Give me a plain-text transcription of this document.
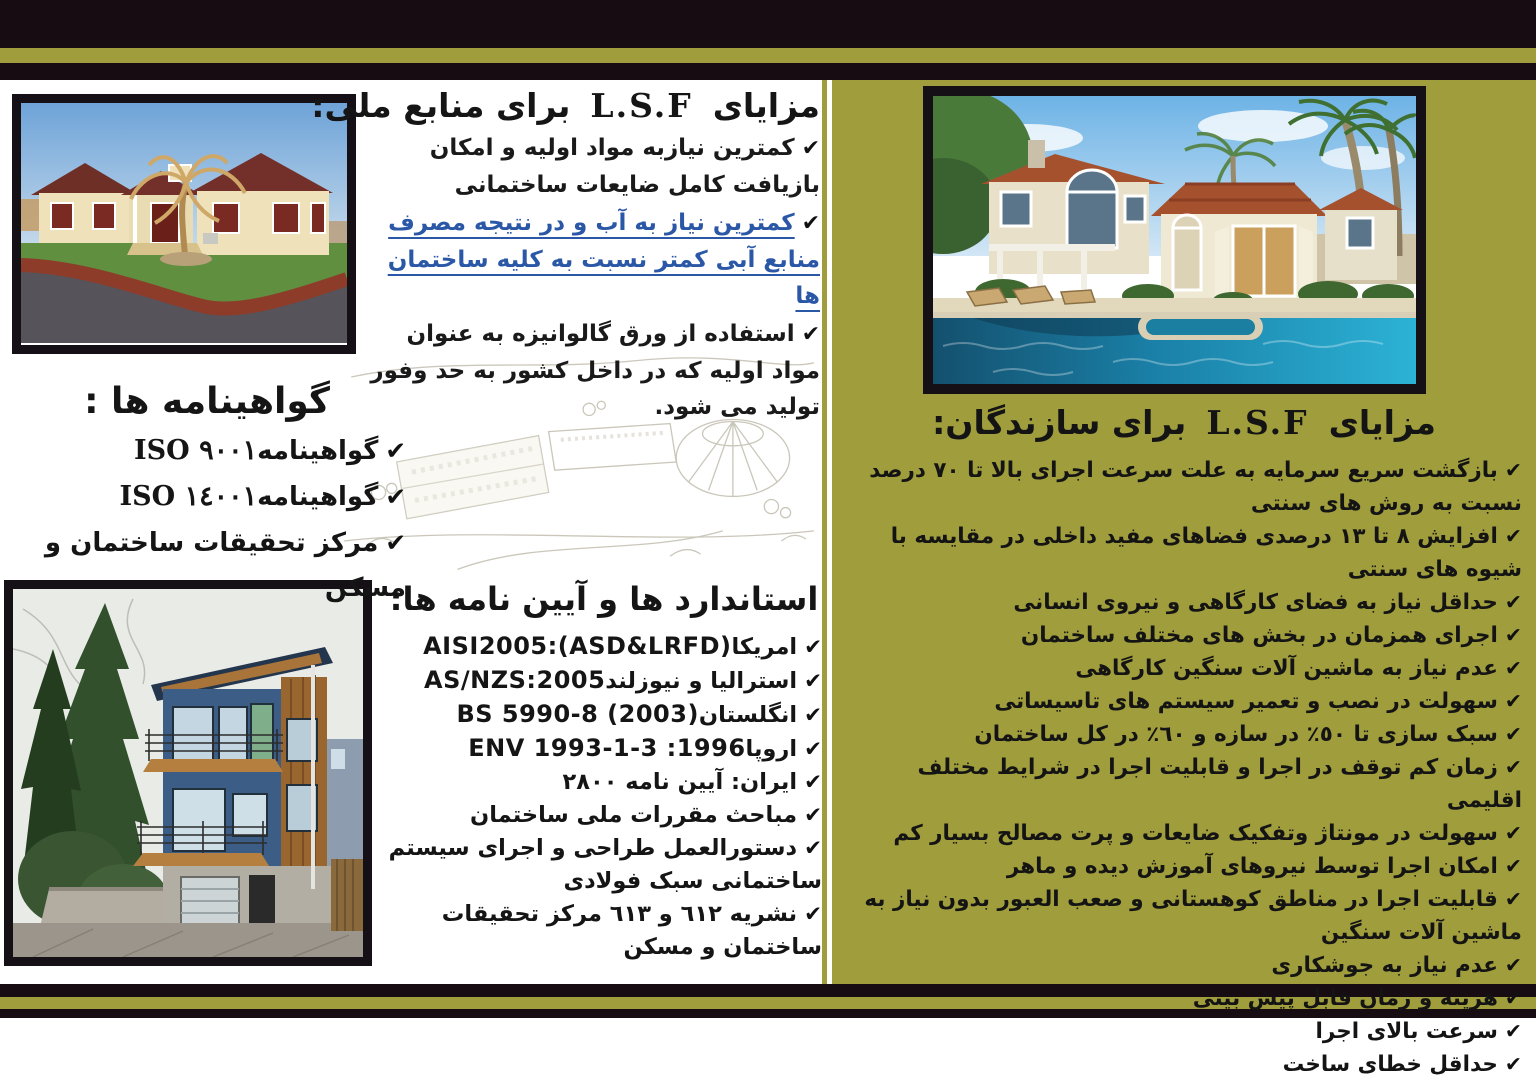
مزایایL.S.Fبرای منابع ملی:
✔کمترین نیازبه مواد اولیه و امکان بازیافت کامل ضایعات ساختمانی
✔کمترین نیاز به آب و در نتیجه مصرف منابع آبی کمتر نسبت به کلیه ساختمان ها
✔استفاده از ورق گالوانیزه به عنوان مواد اولیه که در داخل کشور به حد وفور تولید می شود.
گواهینامه ها :
✔گواهینامهISO ٩٠٠١
✔گواهینامهISO ١٤٠٠١
✔مرکز تحقیقات ساختمان و مسکن
استاندارد ها و آیین نامه ها:
✔امریکاAISI2005:(ASD&LRFD)
✔استرالیا و نیوزلندAS/NZS:2005
✔انگلستانBS 5990-8 (2003)
✔اروپاENV 1993-1-3 :1996
✔ایران: آیین نامه ٢٨٠٠
✔مباحث مقررات ملی ساختمان
✔دستورالعمل طراحی و اجرای سیستم ساختمانی سبک فولادی
✔نشریه ٦١٢ و ٦١٣ مرکز تحقیقات ساختمان و مسکن
مزایایL.S.Fبرای سازندگان:
✔بازگشت سریع سرمایه به علت سرعت اجرای بالا تا ٧٠ درصد نسبت به روش های سنتی
✔افزایش ٨ تا ١٣ درصدی فضاهای مفید داخلی در مقایسه با شیوه های سنتی
✔حداقل نیاز به فضای کارگاهی و نیروی انسانی
✔اجرای همزمان در بخش های مختلف ساختمان
✔عدم نیاز به ماشین آلات سنگین کارگاهی
✔سهولت در نصب و تعمیر سیستم های تاسیساتی
✔سبک سازی تا ٥٠٪ در سازه و ٦٠٪ در کل ساختمان
✔زمان کم توقف در اجرا و قابلیت اجرا در شرایط مختلف اقلیمی
✔سهولت در مونتاژ وتفکیک ضایعات و پرت مصالح بسیار کم
✔امکان اجرا توسط نیروهای آموزش دیده و ماهر
✔قابلیت اجرا در مناطق کوهستانی و صعب العبور بدون نیاز به ماشین آلات سنگین
✔عدم نیاز به جوشکاری
✔هزینه و زمان قابل پیش بینی
✔سرعت بالای اجرا
✔حداقل خطای ساخت
